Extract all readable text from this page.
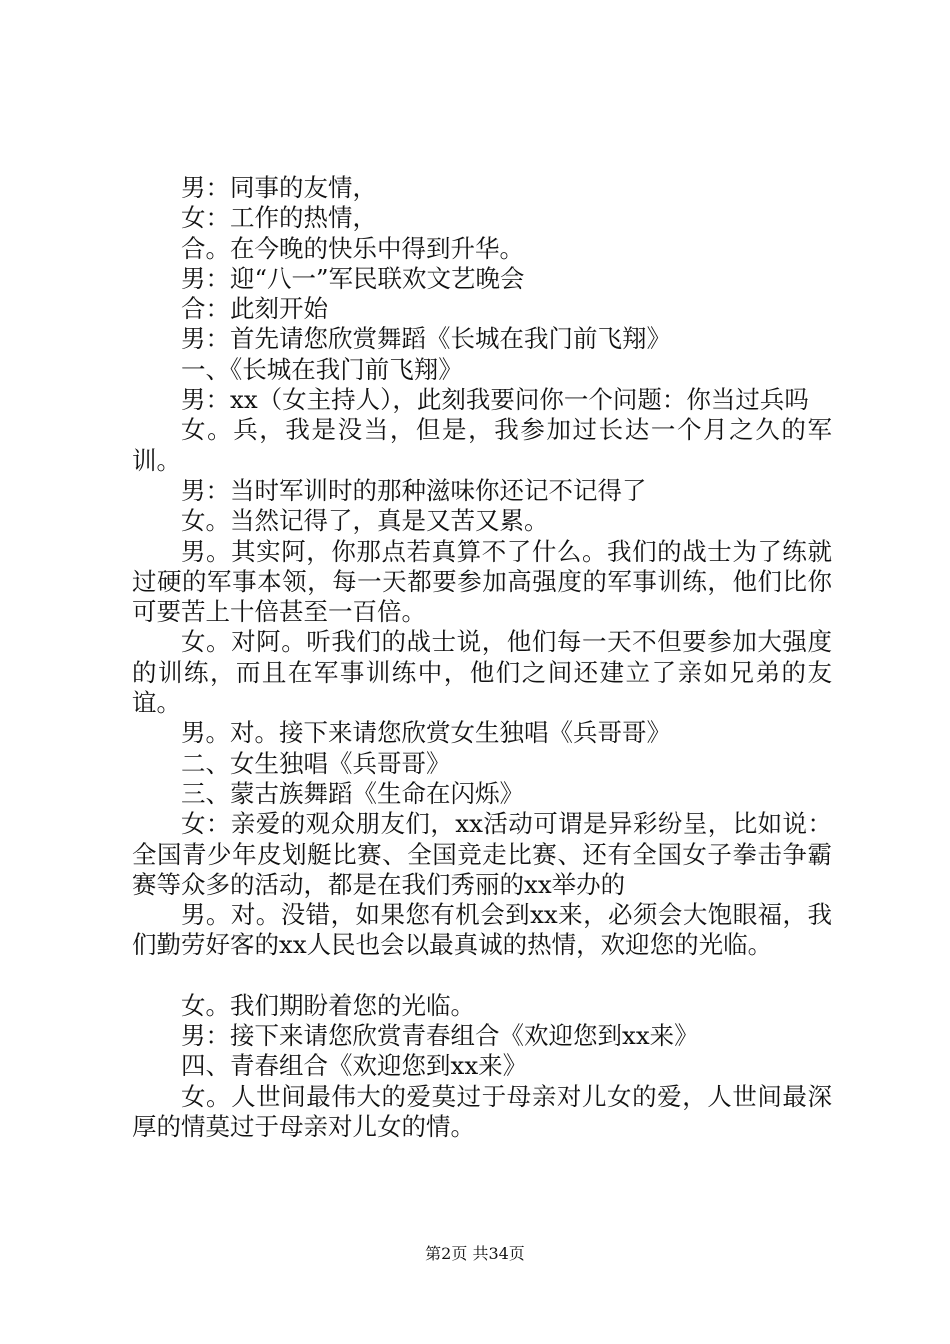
男：同事的友情，

女：工作的热情，

合。在今晚的快乐中得到升华。

男：迎“八一”军民联欢文艺晚会

合：此刻开始

男：首先请您欣赏舞蹈《长城在我门前飞翔》

一、《长城在我门前飞翔》

男：xx（女主持人），此刻我要问你一个问题：你当过兵吗

女。兵，我是没当，但是，我参加过长达一个月之久的军训。

男：当时军训时的那种滋味你还记不记得了

女。当然记得了，真是又苦又累。

男。其实阿，你那点若真算不了什么。我们的战士为了练就过硬的军事本领，每一天都要参加高强度的军事训练，他们比你可要苦上十倍甚至一百倍。

女。对阿。听我们的战士说，他们每一天不但要参加大强度的训练，而且在军事训练中，他们之间还建立了亲如兄弟的友谊。

男。对。接下来请您欣赏女生独唱《兵哥哥》

二、女生独唱《兵哥哥》

三、蒙古族舞蹈《生命在闪烁》

女：亲爱的观众朋友们，xx活动可谓是异彩纷呈，比如说：全国青少年皮划艇比赛、全国竞走比赛、还有全国女子拳击争霸赛等众多的活动，都是在我们秀丽的xx举办的

男。对。没错，如果您有机会到xx来，必须会大饱眼福，我们勤劳好客的xx人民也会以最真诚的热情，欢迎您的光临。

女。我们期盼着您的光临。

男：接下来请您欣赏青春组合《欢迎您到xx来》

四、青春组合《欢迎您到xx来》

女。人世间最伟大的爱莫过于母亲对儿女的爱，人世间最深厚的情莫过于母亲对儿女的情。

第2页 共34页
